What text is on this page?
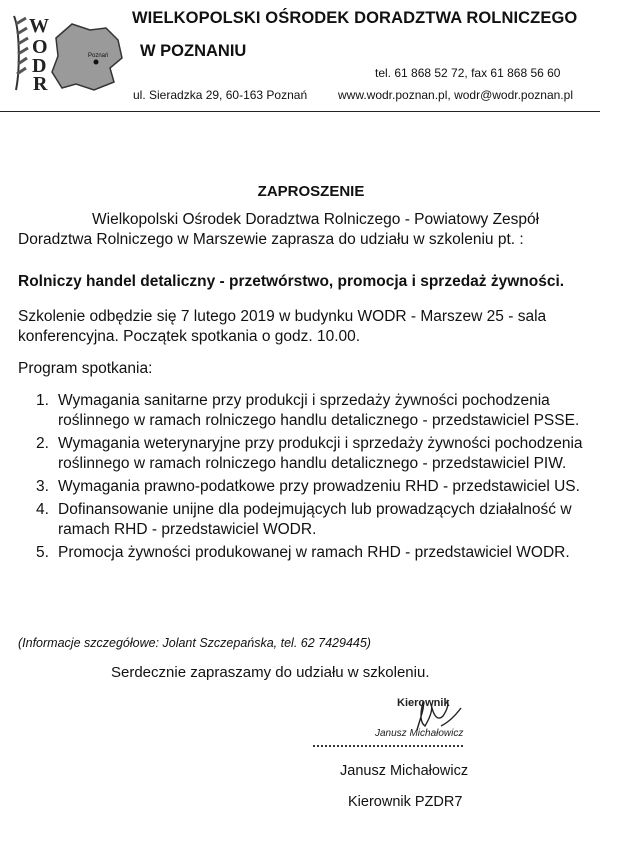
W
O
D
R
Poznań
WIELKOPOLSKI OŚRODEK DORADZTWA ROLNICZEGO
W POZNANIU
tel. 61 868 52 72, fax 61 868 56 60
ul. Sieradzka 29, 60-163 Poznań	www.wodr.poznan.pl, wodr@wodr.poznan.pl
ZAPROSZENIE
Wielkopolski Ośrodek Doradztwa Rolniczego - Powiatowy Zespół
Doradztwa Rolniczego w Marszewie zaprasza do udziału w szkoleniu pt. :
Rolniczy handel detaliczny - przetwórstwo, promocja i sprzedaż żywności.
Szkolenie odbędzie się 7 lutego 2019 w budynku WODR - Marszew 25 - sala konferencyjna. Początek spotkania o godz. 10.00.
Program spotkania:
1. Wymagania sanitarne przy produkcji i sprzedaży żywności pochodzenia roślinnego w ramach rolniczego handlu detalicznego - przedstawiciel PSSE.
2. Wymagania weterynaryjne przy produkcji i sprzedaży żywności pochodzenia roślinnego w ramach rolniczego handlu detalicznego - przedstawiciel PIW.
3. Wymagania prawno-podatkowe przy prowadzeniu RHD - przedstawiciel US.
4. Dofinansowanie unijne dla podejmujących lub prowadzących działalność w ramach RHD - przedstawiciel WODR.
5. Promocja żywności produkowanej w ramach RHD - przedstawiciel WODR.
(Informacje szczegółowe: Jolant Szczepańska, tel. 62 7429445)
Serdecznie zapraszamy do udziału w szkoleniu.
Kierownik
Janusz Michałowicz
Janusz Michałowicz
Kierownik PZDR7
